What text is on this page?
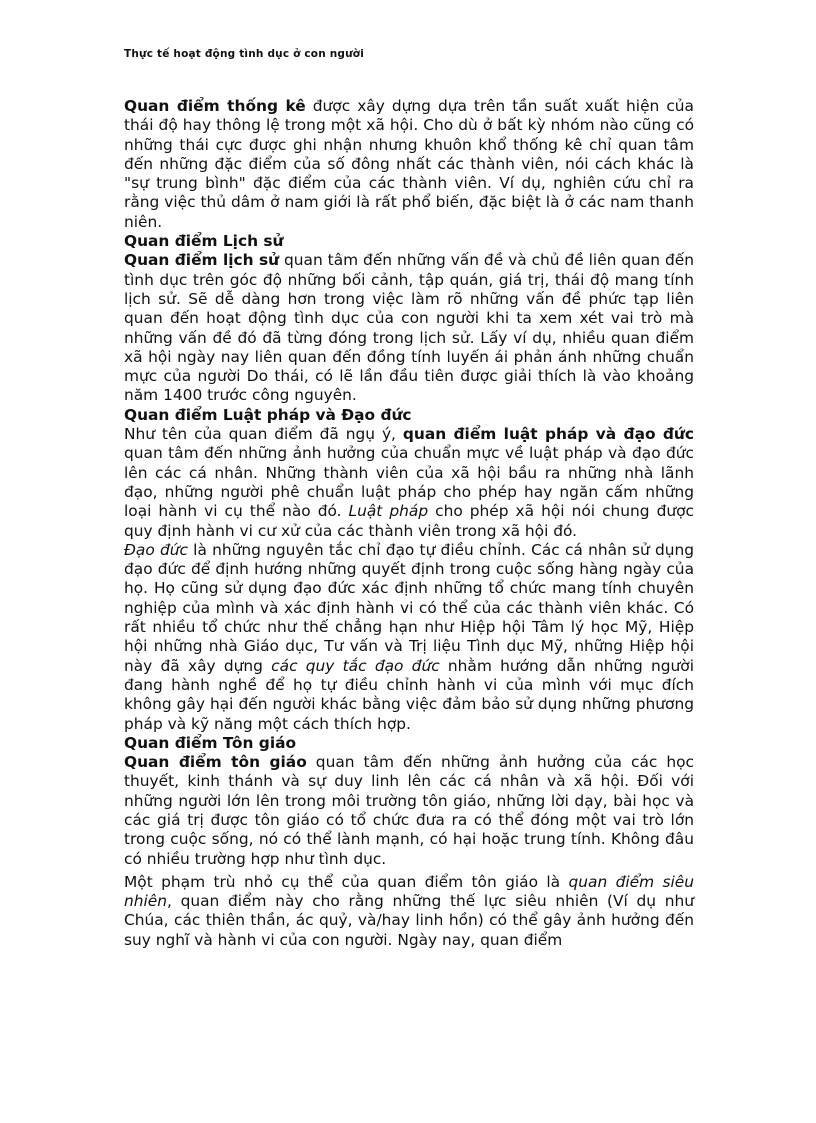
Thực tế hoạt động tình dục ở con người

Quan điểm thống kê được xây dựng dựa trên tần suất xuất hiện của thái độ hay thông lệ trong một xã hội. Cho dù ở bất kỳ nhóm nào cũng có những thái cực được ghi nhận nhưng khuôn khổ thống kê chỉ quan tâm đến những đặc điểm của số đông nhất các thành viên, nói cách khác là "sự trung bình" đặc điểm của các thành viên. Ví dụ, nghiên cứu chỉ ra rằng việc thủ dâm ở nam giới là rất phổ biến, đặc biệt là ở các nam thanh niên.

Quan điểm Lịch sử

Quan điểm lịch sử quan tâm đến những vấn đề và chủ đề liên quan đến tình dục trên góc độ những bối cảnh, tập quán, giá trị, thái độ mang tính lịch sử. Sẽ dễ dàng hơn trong việc làm rõ những vấn đề phức tạp liên quan đến hoạt động tình dục của con người khi ta xem xét vai trò mà những vấn đề đó đã từng đóng trong lịch sử. Lấy ví dụ, nhiều quan điểm xã hội ngày nay liên quan đến đồng tính luyến ái phản ánh những chuẩn mực của người Do thái, có lẽ lần đầu tiên được giải thích là vào khoảng năm 1400 trước công nguyên.

Quan điểm Luật pháp và Đạo đức

Như tên của quan điểm đã ngụ ý, quan điểm luật pháp và đạo đức quan tâm đến những ảnh hưởng của chuẩn mực về luật pháp và đạo đức lên các cá nhân. Những thành viên của xã hội bầu ra những nhà lãnh đạo, những người phê chuẩn luật pháp cho phép hay ngăn cấm những loại hành vi cụ thể nào đó. Luật pháp cho phép xã hội nói chung được quy định hành vi cư xử của các thành viên trong xã hội đó.

Đạo đức là những nguyên tắc chỉ đạo tự điều chỉnh. Các cá nhân sử dụng đạo đức để định hướng những quyết định trong cuộc sống hàng ngày của họ. Họ cũng sử dụng đạo đức xác định những tổ chức mang tính chuyên nghiệp của mình và xác định hành vi có thể của các thành viên khác. Có rất nhiều tổ chức như thế chẳng hạn như Hiệp hội Tâm lý học Mỹ, Hiệp hội những nhà Giáo dục, Tư vấn và Trị liệu Tình dục Mỹ, những Hiệp hội này đã xây dựng các quy tắc đạo đức nhằm hướng dẫn những người đang hành nghề để họ tự điều chỉnh hành vi của mình với mục đích không gây hại đến người khác bằng việc đảm bảo sử dụng những phương pháp và kỹ năng một cách thích hợp.

Quan điểm Tôn giáo

Quan điểm tôn giáo quan tâm đến những ảnh hưởng của các học thuyết, kinh thánh và sự duy linh lên các cá nhân và xã hội. Đối với những người lớn lên trong môi trường tôn giáo, những lời dạy, bài học và các giá trị được tôn giáo có tổ chức đưa ra có thể đóng một vai trò lớn trong cuộc sống, nó có thể lành mạnh, có hại hoặc trung tính. Không đâu có nhiều trường hợp như tình dục.

Một phạm trù nhỏ cụ thể của quan điểm tôn giáo là quan điểm siêu nhiên, quan điểm này cho rằng những thế lực siêu nhiên (Ví dụ như Chúa, các thiên thần, ác quỷ, và/hay linh hồn) có thể gây ảnh hưởng đến suy nghĩ và hành vi của con người. Ngày nay, quan điểm
